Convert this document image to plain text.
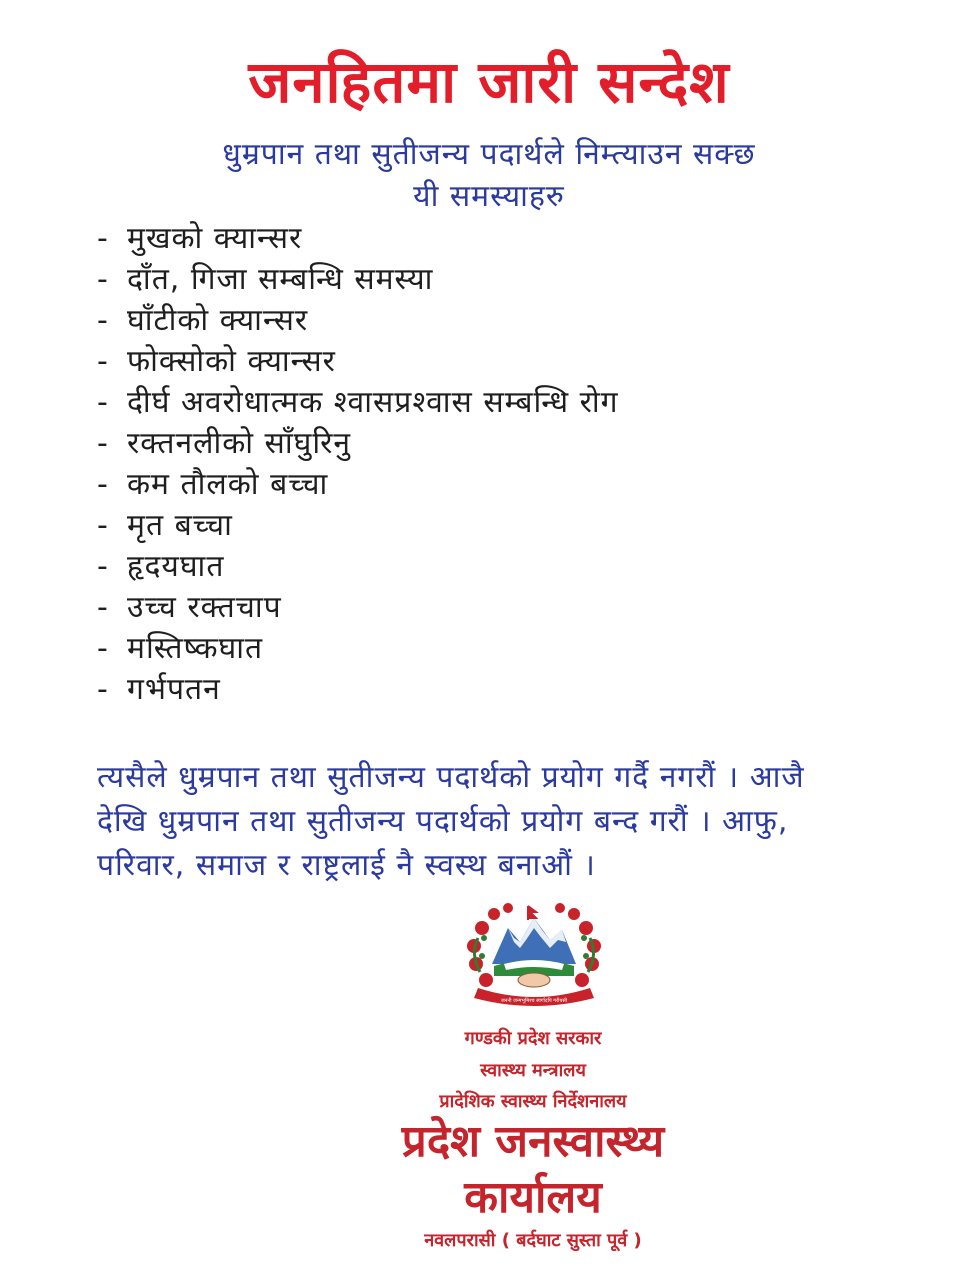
जनहितमा जारी सन्देश
धुम्रपान तथा सुतीजन्य पदार्थले निम्त्याउन सक्छ
यी समस्याहरु
- मुखको क्यान्सर
- दाँत, गिजा सम्बन्धि समस्या
- घाँटीको क्यान्सर
- फोक्सोको क्यान्सर
- दीर्घ अवरोधात्मक श्वासप्रश्वास सम्बन्धि रोग
- रक्तनलीको साँघुरिनु
- कम तौलको बच्चा
- मृत बच्चा
- हृदयघात
- उच्च रक्तचाप
- मस्तिष्कघात
- गर्भपतन
त्यसैले धुम्रपान तथा सुतीजन्य पदार्थको प्रयोग गर्दै नगरौं । आजै
देखि धुम्रपान तथा सुतीजन्य पदार्थको प्रयोग बन्द गरौं । आफु,
परिवार, समाज र राष्ट्रलाई नै स्वस्थ बनाऔं ।
जननी जन्मभूमिश्च स्वर्गादपि गरीयसी
गण्डकी प्रदेश सरकार
स्वास्थ्य मन्त्रालय
प्रादेशिक स्वास्थ्य निर्देशनालय
प्रदेश जनस्वास्थ्य
कार्यालय
नवलपरासी ( बर्दघाट सुस्ता पूर्व )
